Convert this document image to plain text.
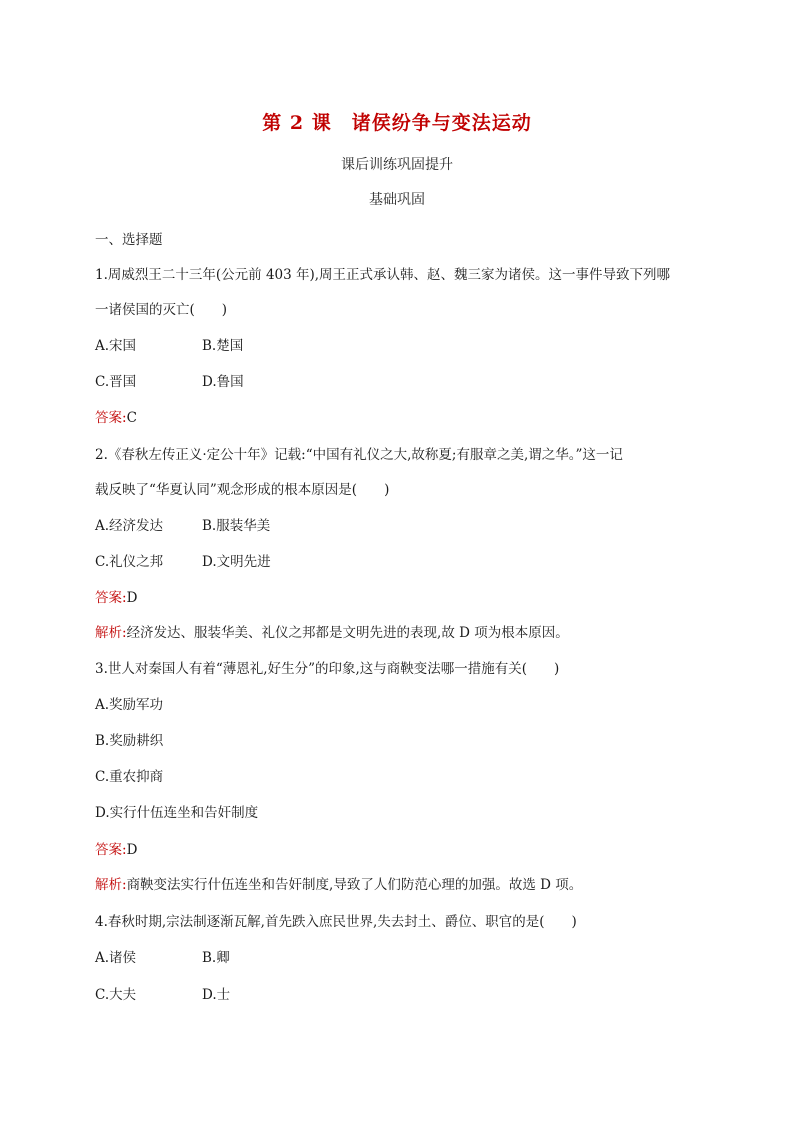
第 2 课　诸侯纷争与变法运动
课后训练巩固提升
基础巩固
一、选择题
1.周威烈王二十三年(公元前 403 年),周王正式承认韩、赵、魏三家为诸侯。这一事件导致下列哪
一诸侯国的灭亡(　　)
A.宋国	B.楚国
C.晋国	D.鲁国
答案:C
2.《春秋左传正义·定公十年》记载:“中国有礼仪之大,故称夏;有服章之美,谓之华。”这一记
载反映了“华夏认同”观念形成的根本原因是(　　)
A.经济发达	B.服装华美
C.礼仪之邦	D.文明先进
答案:D
解析:经济发达、服装华美、礼仪之邦都是文明先进的表现,故 D 项为根本原因。
3.世人对秦国人有着“薄恩礼,好生分”的印象,这与商鞅变法哪一措施有关(　　)
A.奖励军功
B.奖励耕织
C.重农抑商
D.实行什伍连坐和告奸制度
答案:D
解析:商鞅变法实行什伍连坐和告奸制度,导致了人们防范心理的加强。故选 D 项。
4.春秋时期,宗法制逐渐瓦解,首先跌入庶民世界,失去封土、爵位、职官的是(　　)
A.诸侯	B.卿
C.大夫	D.士
